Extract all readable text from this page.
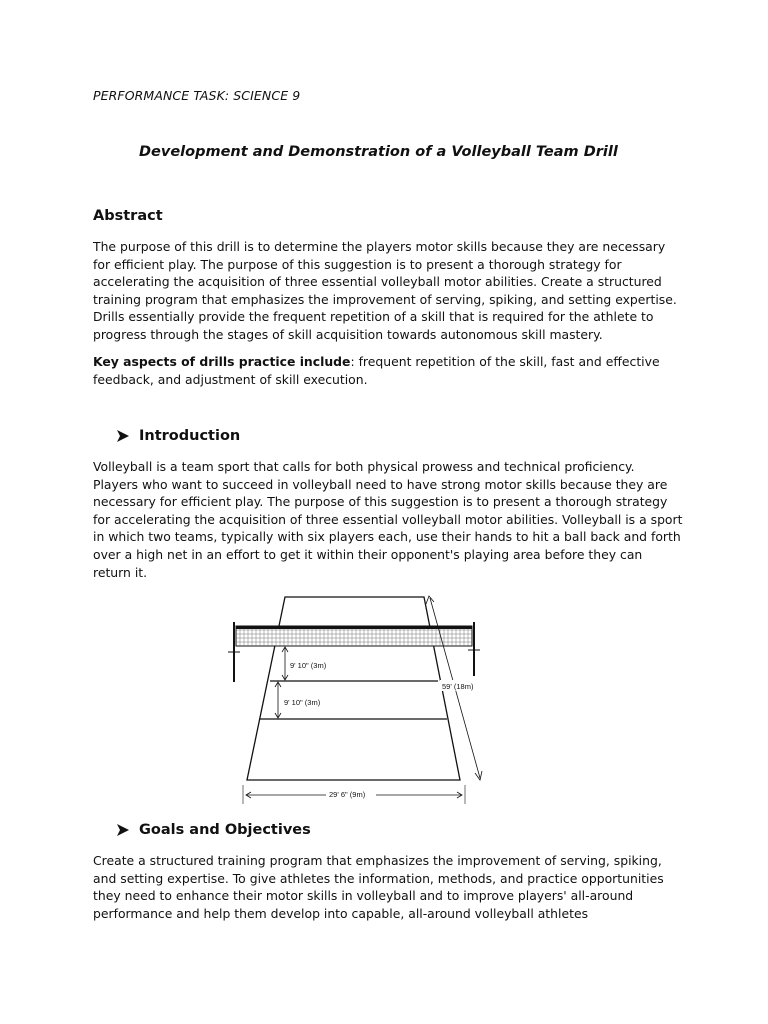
PERFORMANCE TASK: SCIENCE 9
Development and Demonstration of a Volleyball Team Drill
Abstract

The purpose of this drill is to determine the players motor skills because they are necessary for efficient play. The purpose of this suggestion is to present a thorough strategy for accelerating the acquisition of three essential volleyball motor abilities. Create a structured training program that emphasizes the improvement of serving, spiking, and setting expertise. Drills essentially provide the frequent repetition of a skill that is required for the athlete to progress through the stages of skill acquisition towards autonomous skill mastery.

Key aspects of drills practice include: frequent repetition of the skill, fast and effective feedback, and adjustment of skill execution.

Introduction

Volleyball is a team sport that calls for both physical prowess and technical proficiency. Players who want to succeed in volleyball need to have strong motor skills because they are necessary for efficient play. The purpose of this suggestion is to present a thorough strategy for accelerating the acquisition of three essential volleyball motor abilities. Volleyball is a sport in which two teams, typically with six players each, use their hands to hit a ball back and forth over a high net in an effort to get it within their opponent's playing area before they can return it.

9' 10" (3m)
9' 10" (3m)
59' (18m)
29' 6" (9m)
Goals and Objectives

Create a structured training program that emphasizes the improvement of serving, spiking, and setting expertise. To give athletes the information, methods, and practice opportunities they need to enhance their motor skills in volleyball and to improve players' all-around performance and help them develop into capable, all-around volleyball athletes
